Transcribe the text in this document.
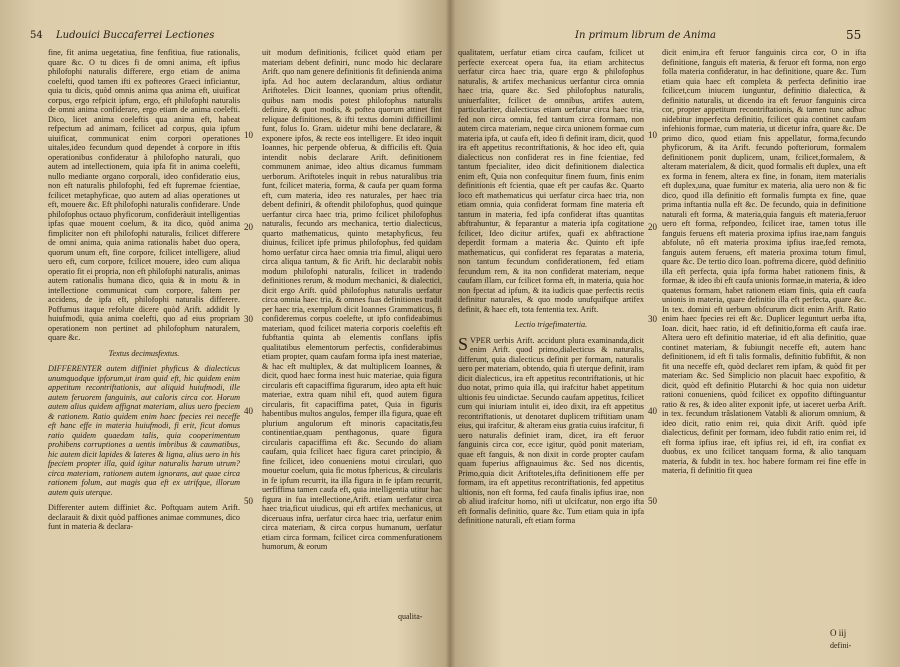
54 Ludouici Buccaferrei Lectiones

fine, fit anima uegetatiua, fine fenfitiua, fiue rationalis, quare &c. O tu dices fi de omni anima, eft ipfius philofophi naturalis differere, ergo etiam de anima coelefti, quod tamen ifti ex pofteores Graeci inficiantur, quia tu dicis, quòd omnis anima qua anima eft, uiuificat corpus, ergo refpicit ipfum, ergo, eft philofophi naturalis de omni anima confiderare, ergo etiam de anima coelefti. Dico, licet anima coeleftis qua anima eft, habeat refpectum ad animam, fcilicet ad corpus, quia ipfum uiuificat, communicat enim corpori operationes uitales,ideo fecundum quod dependet à corpore in iftis operationibus confideratur à philofopho naturali, quo autem ad intellectionem, quia ipfa fit in anima coelefti, nullo mediante organo corporali, ideo confideratio eius, non eft naturalis philofophi, fed eft fupremae fcientiae, fcilicet metaphyficae, quo autem ad alias operationes ut eft, mouere &c. Eft philofophi naturalis confiderare. Unde philofophus octauo phyficorum, confideràuit intelligentias ipfas quae mouent coelum, & ita dico, quòd anima fimpliciter non eft philofophi naturalis, fcilicet differere de omni anima, quia anima rationalis habet duo opera, quorum unum eft, fine corpore, fcilicet intelligere, aliud uero eft, cum corpore, fcilicet mouere, ideo cum aliqua operatio fit ei propria, non eft philofophi naturalis, animas autem rationalis humana dico, quia & in motu & in intellectione communicat cum corpore, faltem per accidens, de ipfa eft, philofophi naturalis differere. Poffumus itaque refolute dicere quòd Arift. addidit ly huiufmodi, quia anima coelefti, quo ad eius propriam operationem non pertinet ad philofophum naturalem, quare &c.

Textus decimusfextus.

DIFFERENTER autem diffiniet phyficus & dialecticus unumquodque ipforum,ut iram quid eft, hic quidem enim appetitum recontriftationis, aut aliquid huiufmodi, ille autem feruorem fanguinis, aut caloris circa cor. Horum autem alius quidem affignat materiam, alius uero fpeciem & rationem. Ratio quidem enim haec fpecies rei neceffe eft hanc effe in materia huiufmodi, fi erit, ficut domus ratio quidem quaedam talis, quia cooperimentum prohibens corruptiones a uentis imbribus & caumatibus, hic autem dicit lapides & lateres & ligna, alius uero in his fpeciem propter illa, quid igitur naturalis harum utrum? circa materiam, rationem autem ignorans, aut quae circa rationem folum, aut magis qua eft ex utrifque, illorum autem quis uterque.

Differenter autem diffiniet &c. Poftquam autem Arift. declarauit & dixit quòd paffiones animae communes, dico funt in materia & declara-

10
20
30
40
50

uit modum definitionis, fcilicet quòd etiam per materiam debent definiri, nunc modo hic declarare Arift. quo nam genere definitionis fit definienda anima ipfa. Ad hoc autem declarandum, altius ordiatur Ariftoteles. Dicit Ioannes, quoniam prius oftendit, quibus nam modis potest philofophus naturalis definire, & quot modis, & poftea quorum attinet fint reliquae definitiones, & ifti textus domini difficillimi funt, folus Io. Gram. uidetur mihi bene declarare, & exponere ipfos, & recte eos intelligere. Et ideo inquit Ioannes, hic perpende obferua, & difficilis eft. Quia intendit nobis declarare Arift. definitionem communem animae, ideo altius dicamus fummam uerborum. Ariftoteles inquit in rebus naturalibus tria funt, fcilicet materia, forma, & caufa per quam forma eft, cum materia, ideo res naturales, per haec tria debent definiri, & oftendit philofophus, quod quinque uerfantur circa haec tria, primo fcilicet philofophus naturalis, fecundo ars mechanica, tertio dialecticus, quarto mathematicus, quinto metaphyficus, feu diuinus, fcilicet ipfe primus philofophus, fed quidam homo uerfatur circa haec omnia tria fimul, aliqui uero circa aliqua tantum, & fic Arift. hic declarabit nobis modum philofophi naturalis, fcilicet in tradendo definitiones rerum, & modum mechanici, & dialectici, dicit ergo Arift. quòd philofophus naturalis uerfatur circa omnia haec tria, & omnes fuas definitiones tradit per haec tria, exemplum dicit Ioannes Grammaticus, fi confideremus corpus coelefte, ut ipfo confideabimus materiam, quod fcilicet materia corporis coeleftis eft fubftantia quinta ab elementis conflans ipfis qualitatibus elementorum perfectis, confiderabimus etiam propter, quam caufam forma ipfa inest materiae, & hac eft multiplex, & dat multiplicem Ioannes, & dicit, quod haec forma inest huic materiae, quia figura circularis eft capaciffima figurarum, ideo apta eft huic materiae, extra quam nihil eft, quod autem figura circularis, fit capaciffima patet, Quia in figuris habentibus multos angulos, femper illa figura, quae eft plurium angulorum eft minoris capacitatis,feu continentiae,quam penthagonus, quare figura circularis capaciffima eft &c. Secundo do aliam caufam, quia fcilicet haec figura caret principio, & fine fcilicet, ideo conueniens motui circulari, quo mouetur coelum, quia fic motus fphericus, & circularis in fe ipfum recurrit, ita illa figura in fe ipfam recurrit, uerfiffima tamen caufa eft, quia intelligentia utitur hac figura in fua intellectione,Arift. etiam uerfatur circa haec tria,ficut uiudicus, qui eft artifex mechanicus, ut diceruaus infra, uerfatur circa haec tria, uerfatur enim circa materiam, & circa corpus humanum, uerfatur etiam circa formam, fcilicet circa commenfurationem humorum, & eorum

qualita-
In primum librum de Anima	55

qualitatem, uerfatur etiam circa caufam, fcilicet ut perfecte exerceat opera fua, ita etiam architectus uerfatur circa haec tria, quare ergo & philofophus naturalis, & artifex mechanicus uerfantur circa omnia haec tria, quare &c. Sed philofophus naturalis, uniuerfaliter, fcilicet de omnibus, artifex autem, particulariter, dialecticus etiam uerfatur circa haec tria, fed non circa omnia, fed tantum circa formam, non autem circa materiam, neque circa unionem formae cum materia ipfa, ut caufa eft, ideo fi definit iram, dicit, quod ira eft appetitus recontriftationis, & hoc ideo eft, quia dialecticus non confiderat res in fine fcientiae, fed tantum fpecialiter, ideo dicit definitionem dialectica enim eft, Quia non confequitur finem fuum, finis enim definitionis eft fcientia, quae eft per caufas &c. Quarto loco eft mathematicus qui uerfatur circa haec tria, non etiam omnia, quia confiderat formam fine materia eft tantum in materia, fed ipfa confiderat iftas quantitas abftrahuntur, & feparantur a materia ipfa cogitatione fcilicet, Ideo dicitur artifex, quafi ex abftractione deperdit formam a materia &c. Quinto eft ipfe mathematicus, qui confiderat res feparatas a materia, non tantum fecundum confiderationem, fed etiam fecundum rem, & ita non confiderat materiam, neque caufam illam, cur fcilicet forma eft, in materia, quia hoc non fpectat ad ipfum, & ita iudicis quae perfectis rectis definitur naturales, & quo modo unufquifque artifex definit, & haec eft, tota fententia tex. Arift.

Lectio trigefimatertia.

SVPER uerbis Arift. accidunt plura examinanda,dicit enim Arift. quod primo,dialecticus & naturalis, differunt, quia dialecticus definit per formam, naturalis uero per materiam, obtendo, quia fi uterque definit, iram dicit dialecticus, ira eft appetitus recontriftationis, ut hic duo notat, primo quia illa, qui irafcitur habet appetitum ultionis feu uindictae. Secundo caufam appetitus, fcilicet cum qui iniuriam intulit ei, ideo dixit, ira eft appetitus recontriftationis, ut denotaret duplicem triftitiam unam eius, qui irafcitur, & alteram eius gratia cuius irafcitur, fi uero naturalis definiet iram, dicet, ira eft feruor fanguinis circa cor, ecce igitur, quòd ponit materiam, quae eft fanguis, & non dixit in corde propter caufam quam fuperius affignauimus &c. Sed nos dicentis, Primo,quia dicit Ariftoteles,ifta definitionem effe per formam, ira eft appetitus recontriftationis, fed appetitus ultionis, non eft forma, fed caufa finalis ipfius irae, non ob aliud irafcitur homo, nifi ut ulcifcatur, non ergo ifta eft formalis definitio, quare &c. Tum etiam quia in ipfa definitione naturali, eft etiam forma

10
20
30
40
50

dicit enim,ira eft feruor fanguinis circa cor, O in ifta definitione, fanguis eft materia, & feruor eft forma, non ergo folla materia confideratur, in hac definitione, quare &c. Tum etiam quia haec eft completa & perfecta definitio irae fcilicet,cum iniucem iunguntur, definitio dialectica, & definitio naturalis, ut dicendo ira eft feruor fanguinis circa cor, propter appetitum recontriftationis, & tamen tunc adhuc nidebitur imperfecta definitio, fcilicet quia continet caufam infehionis formae, cum materia, ut dicetur infra, quare &c. De primo dico, quod etiam fnis appellatur, forma,fecundo phyficorum, & ita Arift. fecundo pofteriorum, formalem definitionem ponit duplicem, unam, fcilicet,formalem, & alteram materialem, & dicit, quod formalis eft duplex, una eft ex forma in fenem, altera ex fine, in fonam, item materialis eft duplex,una, quae fumitur ex materia, alia uero non & fic dico, quod illa definitio eft formalis fumpta ex fine, quae prima inftantia nulla eft &c. De fecundo, quia in definitione naturali eft forma, & materia,quia fanguis eft materia,feruor uero eft forma, refpondeo, fcilicet irae, tamen totus ille fanguis feruens eft materia proxima ipfius irae,nam fanguis abfolute, nô eft materia proxima ipfius irae,fed remota, fanguis autem feruens, eft materia proxima totum fimul, quare &c. De tertio dico Ioan. poftrema dicere, quòd definitio illa eft perfecta, quia ipfa forma habet rationem finis, & formae, & ideo ibi eft caufa unionis formae,in materia, & ideo quatenus formam, habet rationem etiam finis, quia eft caufa unionis in materia, quare definitio illa eft perfecta, quare &c. In tex. domini eft uerbum obfcurum dicit enim Arift. Ratio enim haec fpecies rei eft &c. Duplicer legunturt uerba ifta, Ioan. dicit, haec ratio, id eft definitio,forma eft caufa irae. Altera uero eft definitio materiae, id eft alia definitio, quae continet materiam, & fubiungit neceffe eft, autem hanc definitionem, id eft fi talis formalis, definitio fubfiftit, & non fit una neceffe eft, quòd declaret rem ipfam, & quòd fit per materiam &c. Sed Simplicio non placuit haec expofitio, & dicit, quòd eft definitio Plutarchi & hoc quia non uidetur rationi conueniens, quòd fcilicet ex oppofito diftinguantur ratio & res, & ideo aliter exponit ipfe, ut iaceret uerba Arift. in tex. fecundum trâslationem Vatabli & aliorum omnium, & ideo dicit, ratio enim rei, quia dixit Arift. quòd ipfe dialecticus, definit per formam, ideo fubdit ratio enim rei, id eft forma ipfius irae, eft ipfius rei, id eft, ira confiat ex duobus, ex uno fcilicet tanquam forma, & alio tanquam materia, & fubdit in tex. hoc habere formam rei fine effe in materia, fi definitio fit quea

O iij
defini-
